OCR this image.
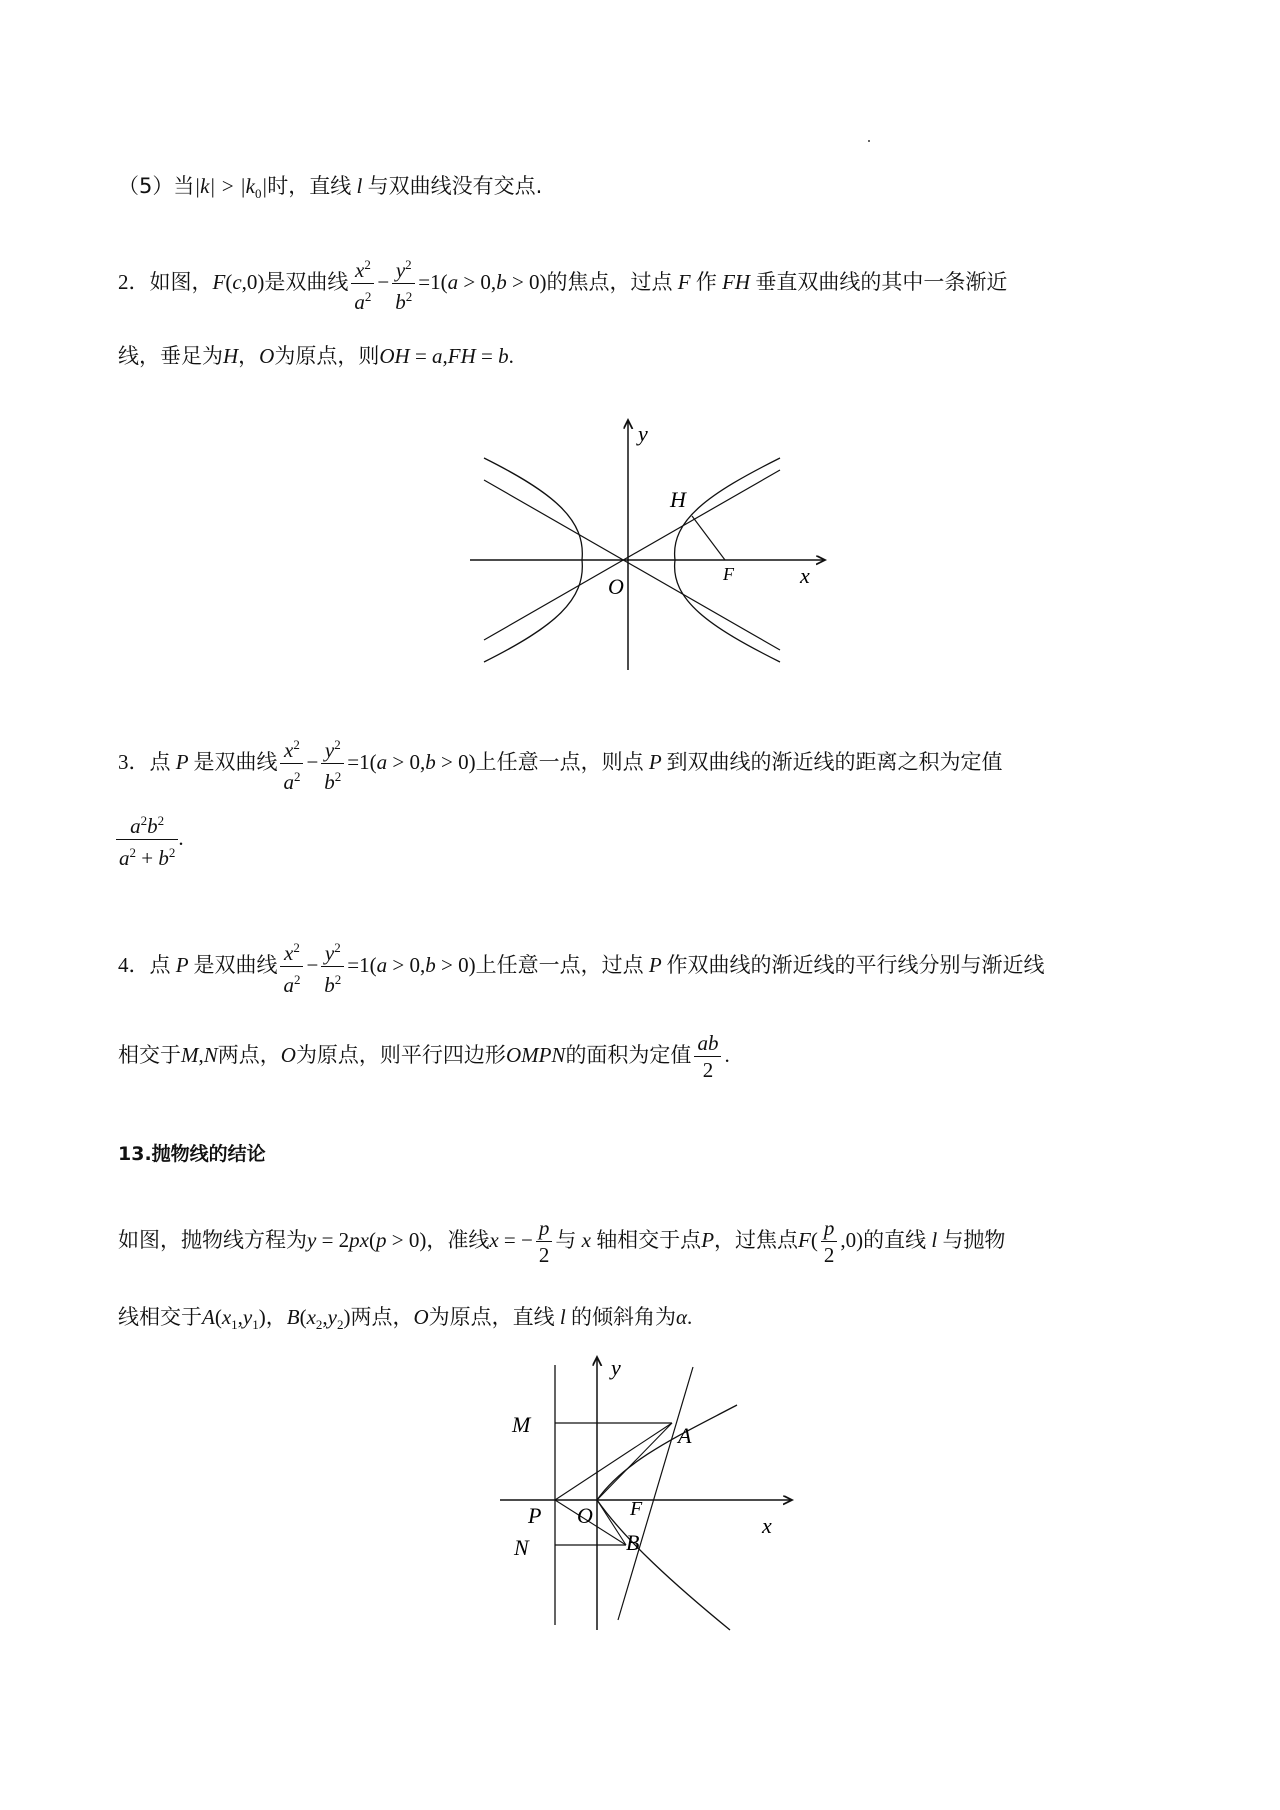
（5）当$|k| > |k_0|$时，直线 l 与双曲线没有交点.
2．如图，F(c,0)是双曲线 $\frac{x^2}{a^2} - \frac{y^2}{b^2} =1(a > 0,b > 0)$的焦点，过点 F 作 FH 垂直双曲线的其中一条渐近
线，垂足为H，O为原点，则OH = a,FH = b.
y
x
H
O	F
3．点 P 是双曲线 $\frac{x^2}{a^2} - \frac{y^2}{b^2} =1(a > 0,b > 0)$上任意一点，则点 P 到双曲线的渐近线的距离之积为定值
$\frac{a^2b^2}{a^2 + b^2}$ .
4．点 P 是双曲线 $\frac{x^2}{a^2} - \frac{y^2}{b^2} =1(a > 0,b > 0)$上任意一点，过点 P 作双曲线的渐近线的平行线分别与渐近线
相交于M,N两点，O为原点，则平行四边形OMPN的面积为定值 $\frac{ab}{2}$ .
13.抛物线的结论
如图，抛物线方程为y = 2px(p > 0)，准线x = − $\frac{p}{2}$ 与 x 轴相交于点P，过焦点$F( \frac{p}{2} ,0)$的直线 l 与抛物
线相交于$A(x_1,y_1)$，$B(x_2,y_2)$两点，O为原点，直线 l 的倾斜角为α.
y
x
M	A
P O F
N	B
